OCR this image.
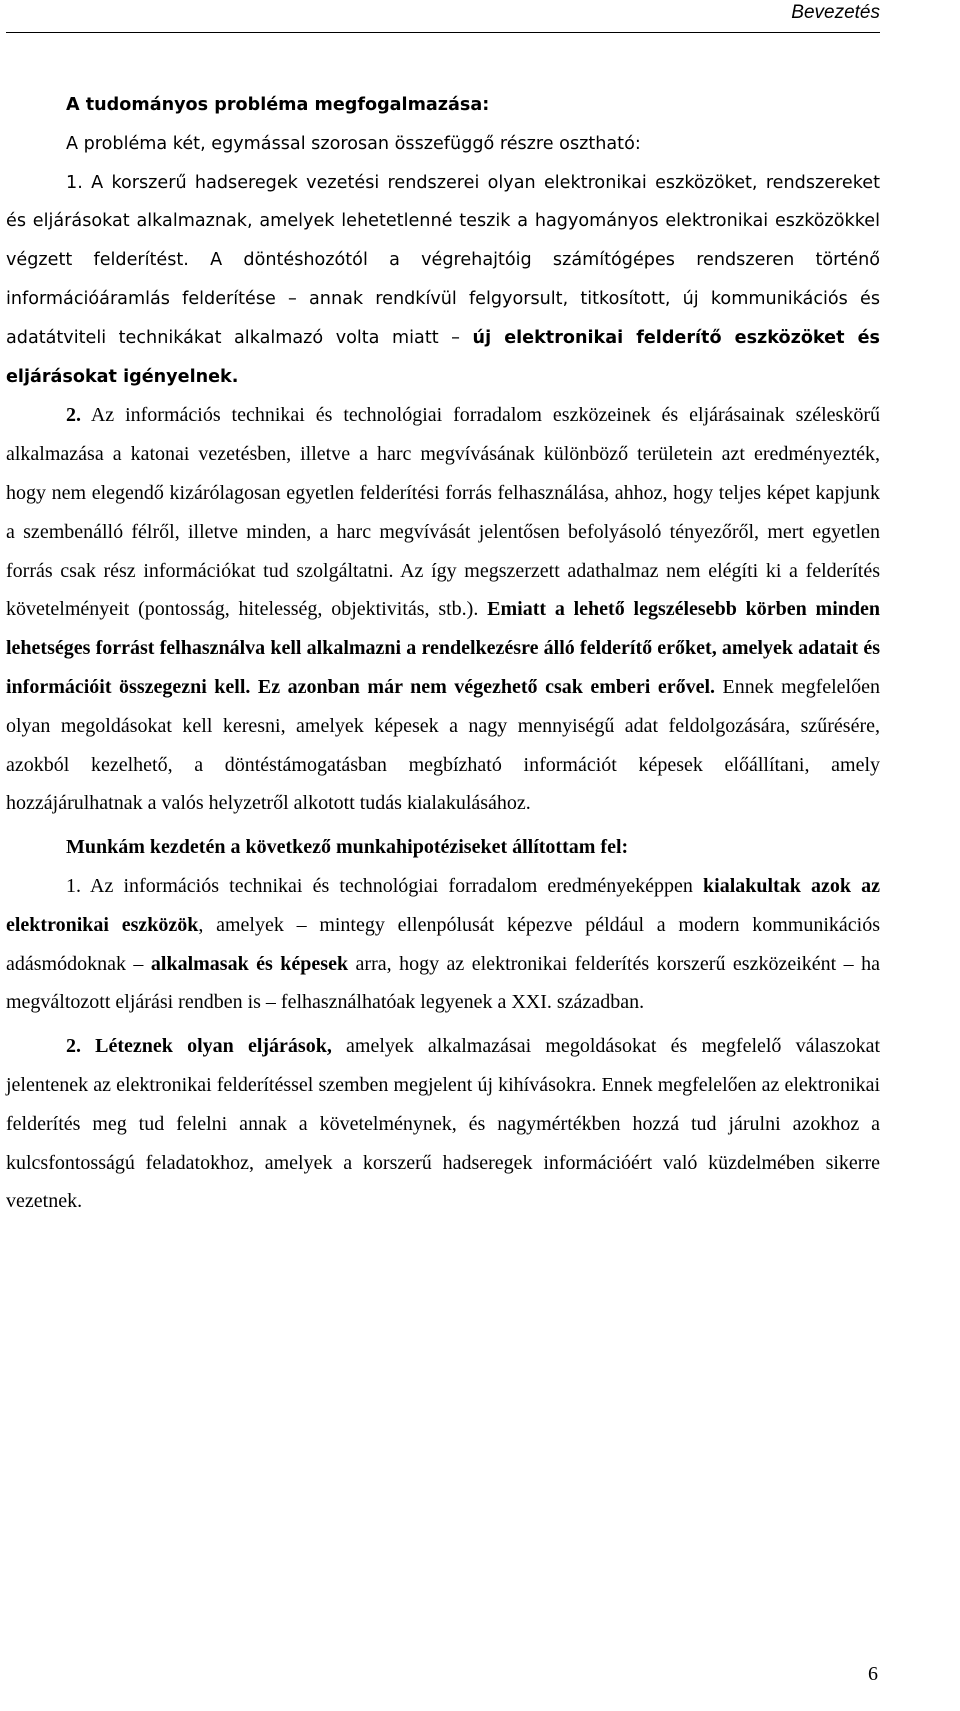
Bevezetés

A tudományos probléma megfogalmazása:

A probléma két, egymással szorosan összefüggő részre osztható:

1. A korszerű hadseregek vezetési rendszerei olyan elektronikai eszközöket, rendszereket és eljárásokat alkalmaznak, amelyek lehetetlenné teszik a hagyományos elektronikai eszközökkel végzett felderítést. A döntéshozótól a végrehajtóig számítógépes rendszeren történő információáramlás felderítése – annak rendkívül felgyorsult, titkosított, új kommunikációs és adatátviteli technikákat alkalmazó volta miatt – új elektronikai felderítő eszközöket és eljárásokat igényelnek.

2. Az információs technikai és technológiai forradalom eszközeinek és eljárásainak széleskörű alkalmazása a katonai vezetésben, illetve a harc megvívásának különböző területein azt eredményezték, hogy nem elegendő kizárólagosan egyetlen felderítési forrás felhasználása, ahhoz, hogy teljes képet kapjunk a szembenálló félről, illetve minden, a harc megvívását jelentősen befolyásoló tényezőről, mert egyetlen forrás csak rész információkat tud szolgáltatni. Az így megszerzett adathalmaz nem elégíti ki a felderítés követelményeit (pontosság, hitelesség, objektivitás, stb.). Emiatt a lehető legszélesebb körben minden lehetséges forrást felhasználva kell alkalmazni a rendelkezésre álló felderítő erőket, amelyek adatait és információit összegezni kell. Ez azonban már nem végezhető csak emberi erővel. Ennek megfelelően olyan megoldásokat kell keresni, amelyek képesek a nagy mennyiségű adat feldolgozására, szűrésére, azokból kezelhető, a döntéstámogatásban megbízható információt képesek előállítani, amely hozzájárulhatnak a valós helyzetről alkotott tudás kialakulásához.

Munkám kezdetén a következő munkahipotéziseket állítottam fel:

1. Az információs technikai és technológiai forradalom eredményeképpen kialakultak azok az elektronikai eszközök, amelyek – mintegy ellenpólusát képezve például a modern kommunikációs adásmódoknak – alkalmasak és képesek arra, hogy az elektronikai felderítés korszerű eszközeiként – ha megváltozott eljárási rendben is – felhasználhatóak legyenek a XXI. században.

2. Léteznek olyan eljárások, amelyek alkalmazásai megoldásokat és megfelelő válaszokat jelentenek az elektronikai felderítéssel szemben megjelent új kihívásokra. Ennek megfelelően az elektronikai felderítés meg tud felelni annak a követelménynek, és nagymértékben hozzá tud járulni azokhoz a kulcsfontosságú feladatokhoz, amelyek a korszerű hadseregek információért való küzdelmében sikerre vezetnek.

6
